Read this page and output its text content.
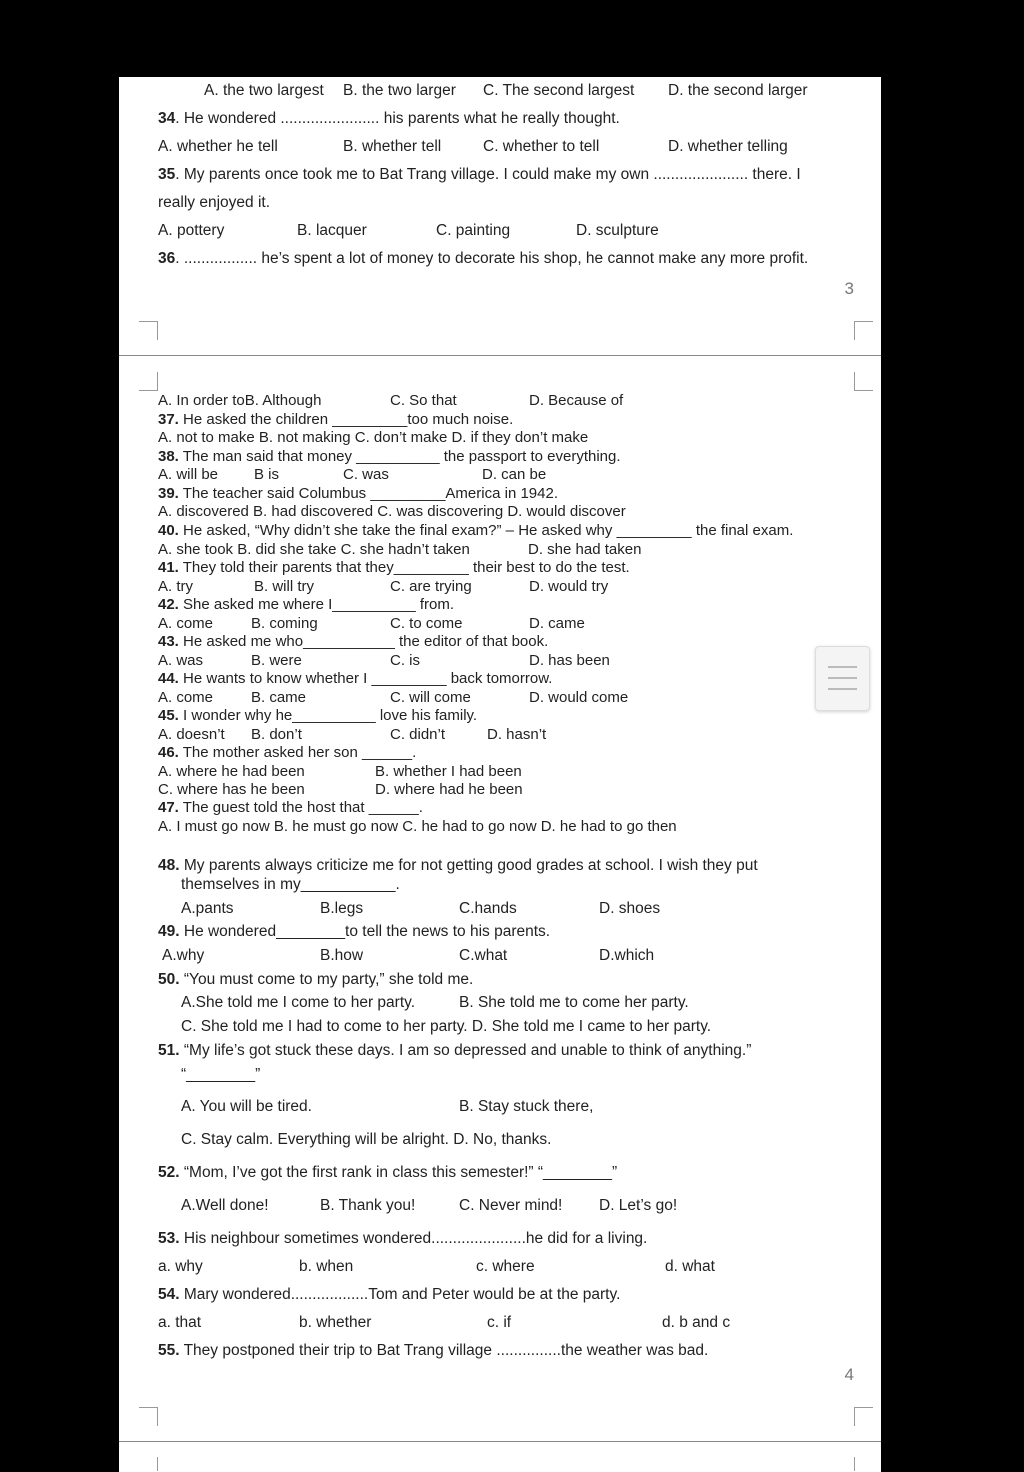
A. the two largest B. the two larger C. The second largest D. the second larger
34. He wondered ....................... his parents what he really thought.
A. whether he tell	B. whether tell	C. whether to tell	D. whether telling
35. My parents once took me to Bat Trang village. I could make my own ...................... there. I
really enjoyed it.
A. pottery	B. lacquer	C. painting	D. sculpture
36. ................. he’s spent a lot of money to decorate his shop, he cannot make any more profit.
3
A. In order toB. Although	C. So that	D. Because of
37. He asked the children _________too much noise.
A. not to make B. not making C. don’t make D. if they don’t make
38. The man said that money __________ the passport to everything.
A. will be B is	C. was	D. can be
39. The teacher said Columbus _________America in 1942.
A. discovered B. had discovered C. was discovering D. would discover
40. He asked, “Why didn’t she take the final exam?” – He asked why _________ the final exam.
A. she took B. did she take C. she hadn’t taken	D. she had taken
41. They told their parents that they_________ their best to do the test.
A. try	B. will try	C. are trying	D. would try
42. She asked me where I__________ from.
A. come	B. coming	C. to come	D. came
43. He asked me who___________ the editor of that book.
A. was	B. were	C. is	D. has been
44. He wants to know whether I _________ back tomorrow.
A. come	B. came	C. will come	D. would come
45. I wonder why he__________ love his family.
A. doesn’t B. don’t	C. didn’t	D. hasn’t
46. The mother asked her son ______.
A. where he had been	B. whether I had been
C. where has he been	D. where had he been
47. The guest told the host that ______.
A. I must go now B. he must go now C. he had to go now D. he had to go then
48. My parents always criticize me for not getting good grades at school. I wish they put
themselves in my___________.
A.pants	B.legs	C.hands	D. shoes
49. He wondered________to tell the news to his parents.
A.why	B.how	C.what	D.which
50. “You must come to my party,” she told me.
A.She told me I come to her party.	B. She told me to come her party.
C. She told me I had to come to her party. D. She told me I came to her party.
51. “My life’s got stuck these days. I am so depressed and unable to think of anything.”
“________”
A. You will be tired.	B. Stay stuck there,
C. Stay calm. Everything will be alright. D. No, thanks.
52. “Mom, I’ve got the first rank in class this semester!” “________”
A.Well done!	B. Thank you!	C. Never mind! D. Let’s go!
53. His neighbour sometimes wondered......................he did for a living.
a. why	b. when	c. where	d. what
54. Mary wondered..................Tom and Peter would be at the party.
a. that	b. whether	c. if	d. b and c
55. They postponed their trip to Bat Trang village ...............the weather was bad.
4
